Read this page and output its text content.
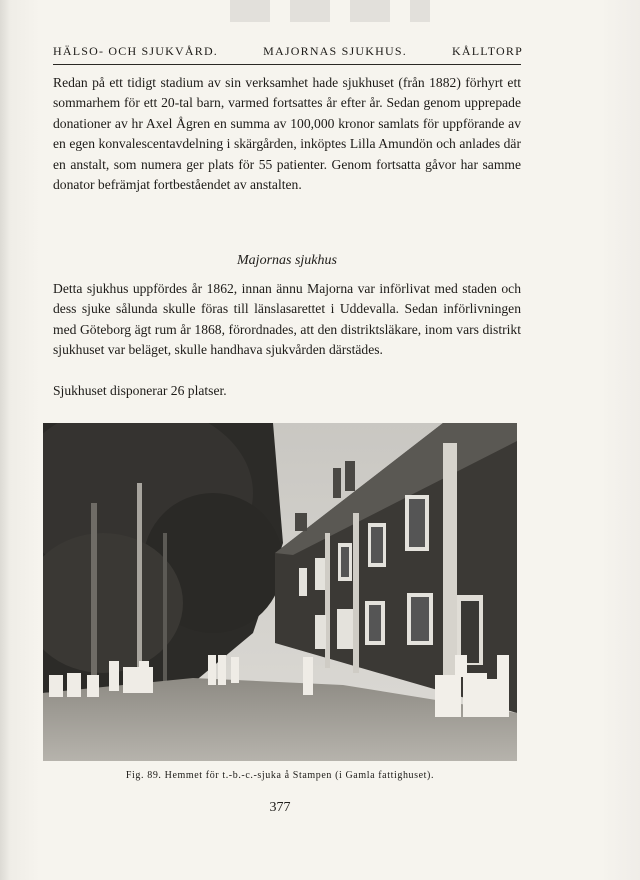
HÄLSO- OCH SJUKVÅRD.	MAJORNAS SJUKHUS.	KÅLLTORP

Redan på ett tidigt stadium av sin verksamhet hade sjukhuset (från 1882) förhyrt ett sommarhem för ett 20-tal barn, varmed fortsattes år efter år. Sedan genom upprepade donationer av hr Axel Ågren en summa av 100,000 kronor samlats för uppförande av en egen konvalescentavdelning i skärgården, inköptes Lilla Amundön och anlades där en anstalt, som numera ger plats för 55 patienter. Genom fortsatta gåvor har samme donator befrämjat fortbeståendet av anstalten.

Majornas sjukhus

Detta sjukhus uppfördes år 1862, innan ännu Majorna var införlivat med staden och dess sjuke sålunda skulle föras till länslasarettet i Uddevalla. Sedan införlivningen med Göteborg ägt rum år 1868, förordnades, att den distriktsläkare, inom vars distrikt sjukhuset var beläget, skulle handhava sjukvården därstädes.

Sjukhuset disponerar 26 platser.

Fig. 89. Hemmet för t.-b.-c.-sjuka å Stampen (i Gamla fattighuset).
377
